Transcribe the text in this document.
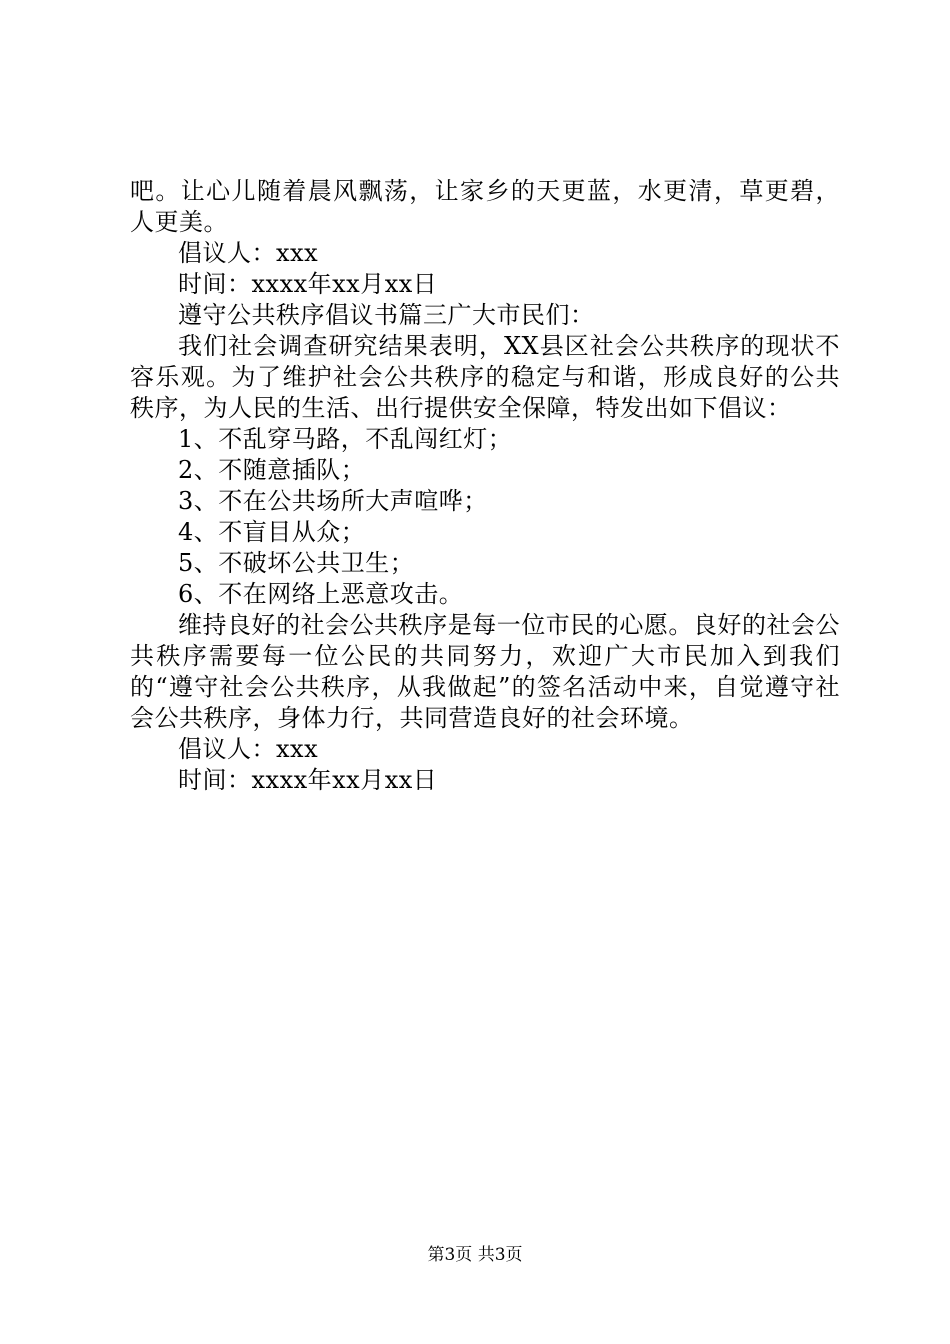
吧。让心儿随着晨风飘荡，让家乡的天更蓝，水更清，草更碧，人更美。

倡议人：xxx

时间：xxxx年xx月xx日

遵守公共秩序倡议书篇三广大市民们：

我们社会调查研究结果表明，XX县区社会公共秩序的现状不容乐观。为了维护社会公共秩序的稳定与和谐，形成良好的公共秩序，为人民的生活、出行提供安全保障，特发出如下倡议：

1、不乱穿马路，不乱闯红灯；

2、不随意插队；

3、不在公共场所大声喧哗；

4、不盲目从众；

5、不破坏公共卫生；

6、不在网络上恶意攻击。

维持良好的社会公共秩序是每一位市民的心愿。良好的社会公共秩序需要每一位公民的共同努力，欢迎广大市民加入到我们的“遵守社会公共秩序，从我做起”的签名活动中来，自觉遵守社会公共秩序，身体力行，共同营造良好的社会环境。

倡议人：xxx

时间：xxxx年xx月xx日

第3页 共3页
